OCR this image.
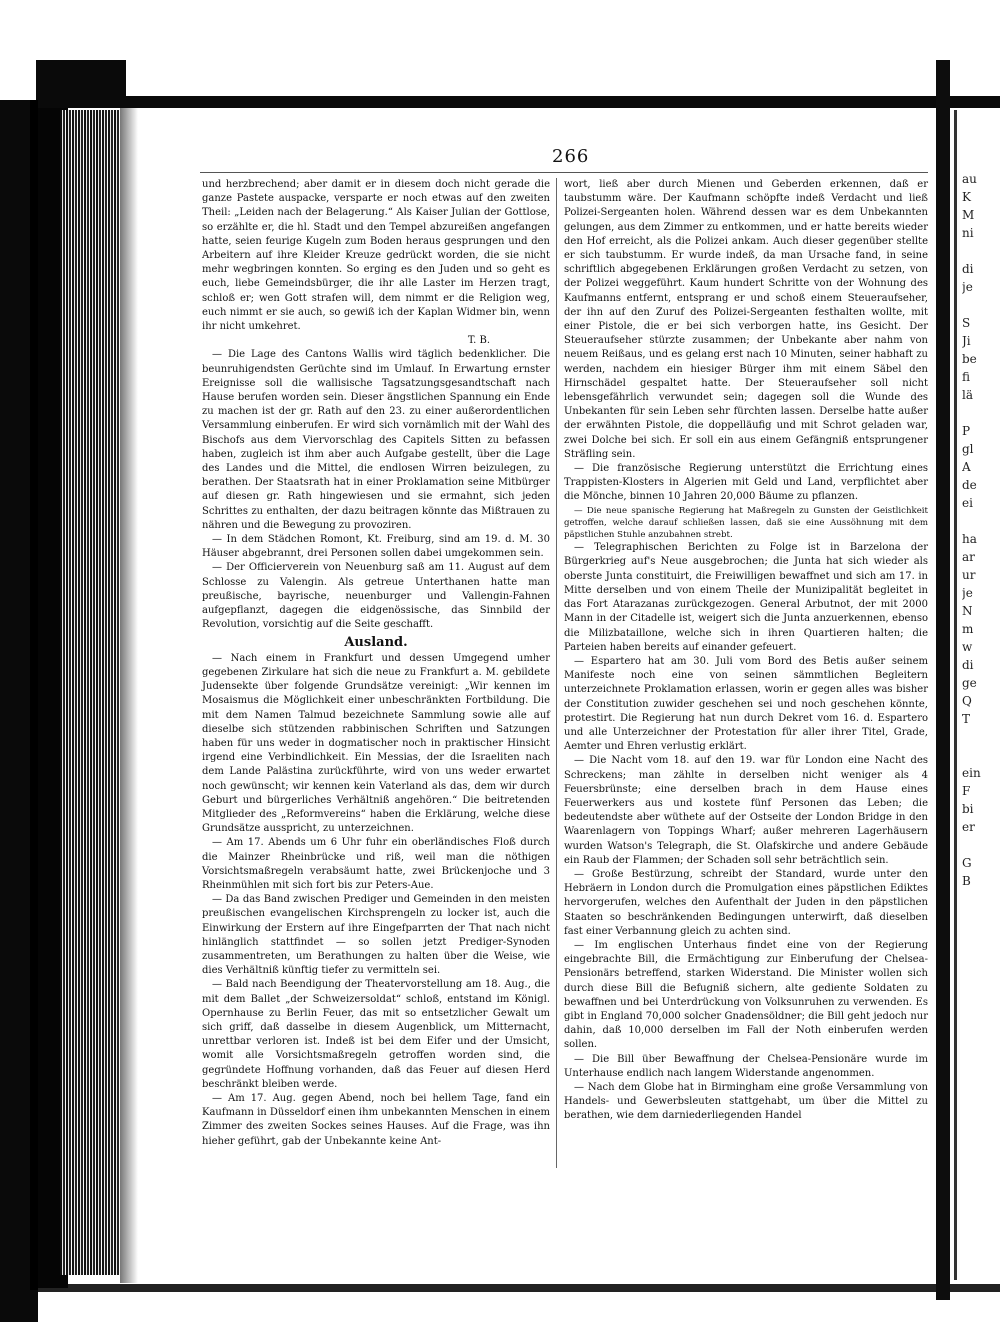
au
K
M
ni

di
je

S
Ji
be
fi
lä

P
gl
A
de
ei

ha
ar
ur
je
N
m
w
di
ge
Q
T

ein
F
bi
er

G
B
266

und herzbrechend; aber damit er in diesem doch nicht gerade die ganze Pastete auspacke, versparte er noch etwas auf den zweiten Theil: „Leiden nach der Belagerung.“ Als Kaiser Julian der Gottlose, so erzählte er, die hl. Stadt und den Tempel abzureißen angefangen hatte, seien feurige Kugeln zum Boden heraus gesprungen und den Arbeitern auf ihre Kleider Kreuze gedrückt worden, die sie nicht mehr wegbringen konnten. So erging es den Juden und so geht es euch, liebe Gemeindsbürger, die ihr alle Laster im Herzen tragt, schloß er; wen Gott strafen will, dem nimmt er die Religion weg, euch nimmt er sie auch, so gewiß ich der Kaplan Widmer bin, wenn ihr nicht umkehret.

T. B.

— Die Lage des Cantons Wallis wird täglich bedenklicher. Die beunruhigendsten Gerüchte sind im Umlauf. In Erwartung ernster Ereignisse soll die wallisische Tagsatzungsgesandtschaft nach Hause berufen worden sein. Dieser ängstlichen Spannung ein Ende zu machen ist der gr. Rath auf den 23. zu einer außerordentlichen Versammlung einberufen. Er wird sich vornämlich mit der Wahl des Bischofs aus dem Viervorschlag des Capitels Sitten zu befassen haben, zugleich ist ihm aber auch Aufgabe gestellt, über die Lage des Landes und die Mittel, die endlosen Wirren beizulegen, zu berathen. Der Staatsrath hat in einer Proklamation seine Mitbürger auf diesen gr. Rath hingewiesen und sie ermahnt, sich jeden Schrittes zu enthalten, der dazu beitragen könnte das Mißtrauen zu nähren und die Bewegung zu provoziren.

— In dem Städchen Romont, Kt. Freiburg, sind am 19. d. M. 30 Häuser abgebrannt, drei Personen sollen dabei umgekommen sein.

— Der Officierverein von Neuenburg saß am 11. August auf dem Schlosse zu Valengin. Als getreue Unterthanen hatte man preußische, bayrische, neuenburger und Vallengin-Fahnen aufgepflanzt, dagegen die eidgenössische, das Sinnbild der Revolution, vorsichtig auf die Seite geschafft.

Ausland.

— Nach einem in Frankfurt und dessen Umgegend umher gegebenen Zirkulare hat sich die neue zu Frankfurt a. M. gebildete Judensekte über folgende Grundsätze vereinigt: „Wir kennen im Mosaismus die Möglichkeit einer unbeschränkten Fortbildung. Die mit dem Namen Talmud bezeichnete Sammlung sowie alle auf dieselbe sich stützenden rabbinischen Schriften und Satzungen haben für uns weder in dogmatischer noch in praktischer Hinsicht irgend eine Verbindlichkeit. Ein Messias, der die Israeliten nach dem Lande Palästina zurückführte, wird von uns weder erwartet noch gewünscht; wir kennen kein Vaterland als das, dem wir durch Geburt und bürgerliches Verhältniß angehören.“ Die beitretenden Mitglieder des „Reformvereins“ haben die Erklärung, welche diese Grundsätze ausspricht, zu unterzeichnen.

— Am 17. Abends um 6 Uhr fuhr ein oberländisches Floß durch die Mainzer Rheinbrücke und riß, weil man die nöthigen Vorsichtsmaßregeln verabsäumt hatte, zwei Brückenjoche und 3 Rheinmühlen mit sich fort bis zur Peters-Aue.

— Da das Band zwischen Prediger und Gemeinden in den meisten preußischen evangelischen Kirchsprengeln zu locker ist, auch die Einwirkung der Erstern auf ihre Eingefparrten der That nach nicht hinlänglich stattfindet — so sollen jetzt Prediger-Synoden zusammentreten, um Berathungen zu halten über die Weise, wie dies Verhältniß künftig tiefer zu vermitteln sei.

— Bald nach Beendigung der Theatervorstellung am 18. Aug., die mit dem Ballet „der Schweizersoldat“ schloß, entstand im Königl. Opernhause zu Berlin Feuer, das mit so entsetzlicher Gewalt um sich griff, daß dasselbe in diesem Augenblick, um Mitternacht, unrettbar verloren ist. Indeß ist bei dem Eifer und der Umsicht, womit alle Vorsichtsmaßregeln getroffen worden sind, die gegründete Hoffnung vorhanden, daß das Feuer auf diesen Herd beschränkt bleiben werde.

— Am 17. Aug. gegen Abend, noch bei hellem Tage, fand ein Kaufmann in Düsseldorf einen ihm unbekannten Menschen in einem Zimmer des zweiten Sockes seines Hauses. Auf die Frage, was ihn hieher geführt, gab der Unbekannte keine Ant-

wort, ließ aber durch Mienen und Geberden erkennen, daß er taubstumm wäre. Der Kaufmann schöpfte indeß Verdacht und ließ Polizei-Sergeanten holen. Während dessen war es dem Unbekannten gelungen, aus dem Zimmer zu entkommen, und er hatte bereits wieder den Hof erreicht, als die Polizei ankam. Auch dieser gegenüber stellte er sich taubstumm. Er wurde indeß, da man Ursache fand, in seine schriftlich abgegebenen Erklärungen großen Verdacht zu setzen, von der Polizei weggeführt. Kaum hundert Schritte von der Wohnung des Kaufmanns entfernt, entsprang er und schoß einem Steueraufseher, der ihn auf den Zuruf des Polizei-Sergeanten festhalten wollte, mit einer Pistole, die er bei sich verborgen hatte, ins Gesicht. Der Steueraufseher stürzte zusammen; der Unbekante aber nahm von neuem Reißaus, und es gelang erst nach 10 Minuten, seiner habhaft zu werden, nachdem ein hiesiger Bürger ihm mit einem Säbel den Hirnschädel gespaltet hatte. Der Steueraufseher soll nicht lebensgefährlich verwundet sein; dagegen soll die Wunde des Unbekanten für sein Leben sehr fürchten lassen. Derselbe hatte außer der erwähnten Pistole, die doppelläufig und mit Schrot geladen war, zwei Dolche bei sich. Er soll ein aus einem Gefängniß entsprungener Sträfling sein.

— Die französische Regierung unterstützt die Errichtung eines Trappisten-Klosters in Algerien mit Geld und Land, verpflichtet aber die Mönche, binnen 10 Jahren 20,000 Bäume zu pflanzen.

— Die neue spanische Regierung hat Maßregeln zu Gunsten der Geistlichkeit getroffen, welche darauf schließen lassen, daß sie eine Aussöhnung mit dem päpstlichen Stuhle anzubahnen strebt.

— Telegraphischen Berichten zu Folge ist in Barzelona der Bürgerkrieg auf's Neue ausgebrochen; die Junta hat sich wieder als oberste Junta constituirt, die Freiwilligen bewaffnet und sich am 17. in Mitte derselben und von einem Theile der Munizipalität begleitet in das Fort Atarazanas zurückgezogen. General Arbutnot, der mit 2000 Mann in der Citadelle ist, weigert sich die Junta anzuerkennen, ebenso die Milizbataillone, welche sich in ihren Quartieren halten; die Parteien haben bereits auf einander gefeuert.

— Espartero hat am 30. Juli vom Bord des Betis außer seinem Manifeste noch eine von seinen sämmtlichen Begleitern unterzeichnete Proklamation erlassen, worin er gegen alles was bisher der Constitution zuwider geschehen sei und noch geschehen könnte, protestirt. Die Regierung hat nun durch Dekret vom 16. d. Espartero und alle Unterzeichner der Protestation für aller ihrer Titel, Grade, Aemter und Ehren verlustig erklärt.

— Die Nacht vom 18. auf den 19. war für London eine Nacht des Schreckens; man zählte in derselben nicht weniger als 4 Feuersbrünste; eine derselben brach in dem Hause eines Feuerwerkers aus und kostete fünf Personen das Leben; die bedeutendste aber wüthete auf der Ostseite der London Bridge in den Waarenlagern von Toppings Wharf; außer mehreren Lagerhäusern wurden Watson's Telegraph, die St. Olafskirche und andere Gebäude ein Raub der Flammen; der Schaden soll sehr beträchtlich sein.

— Große Bestürzung, schreibt der Standard, wurde unter den Hebräern in London durch die Promulgation eines päpstlichen Ediktes hervorgerufen, welches den Aufenthalt der Juden in den päpstlichen Staaten so beschränkenden Bedingungen unterwirft, daß dieselben fast einer Verbannung gleich zu achten sind.

— Im englischen Unterhaus findet eine von der Regierung eingebrachte Bill, die Ermächtigung zur Einberufung der Chelsea-Pensionärs betreffend, starken Widerstand. Die Minister wollen sich durch diese Bill die Befugniß sichern, alte gediente Soldaten zu bewaffnen und bei Unterdrückung von Volksunruhen zu verwenden. Es gibt in England 70,000 solcher Gnadensöldner; die Bill geht jedoch nur dahin, daß 10,000 derselben im Fall der Noth einberufen werden sollen.

— Die Bill über Bewaffnung der Chelsea-Pensionäre wurde im Unterhause endlich nach langem Widerstande angenommen.

— Nach dem Globe hat in Birmingham eine große Versammlung von Handels- und Gewerbsleuten stattgehabt, um über die Mittel zu berathen, wie dem darniederliegenden Handel
